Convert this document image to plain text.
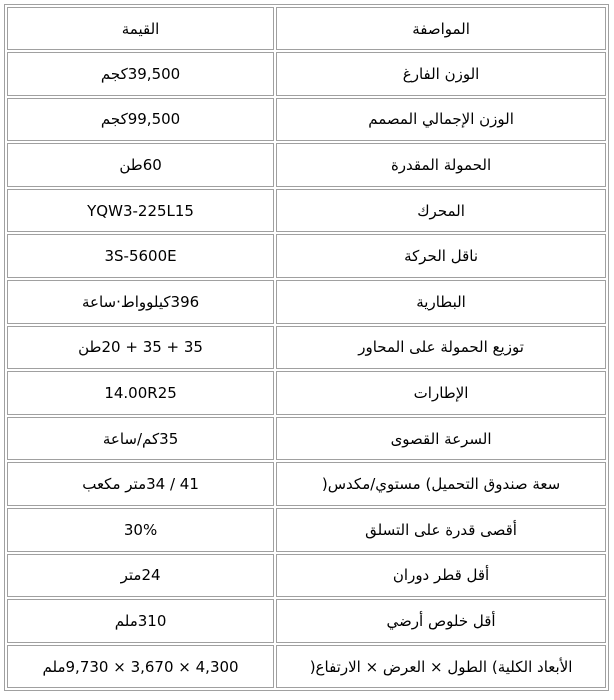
القيمة	المواصفة
39,500كجم	الوزن الفارغ
99,500كجم	الوزن الإجمالي المصمم
60طن	الحمولة المقدرة
YQW3-225L15	المحرك
3S-5600E	ناقل الحركة
396كيلوواط·ساعة	البطارية
35 + 35 + 20طن	توزيع الحمولة على المحاور
14.00R25	الإطارات
35كم/ساعة	السرعة القصوى
41 / 34متر مكعب	سعة صندوق التحميل) مستوي/مكدس(
30%	أقصى قدرة على التسلق
24متر	أقل قطر دوران
310ملم	أقل خلوص أرضي
4,300 × 3,670 × 9,730ملم	الأبعاد الكلية) الطول × العرض × الارتفاع(
